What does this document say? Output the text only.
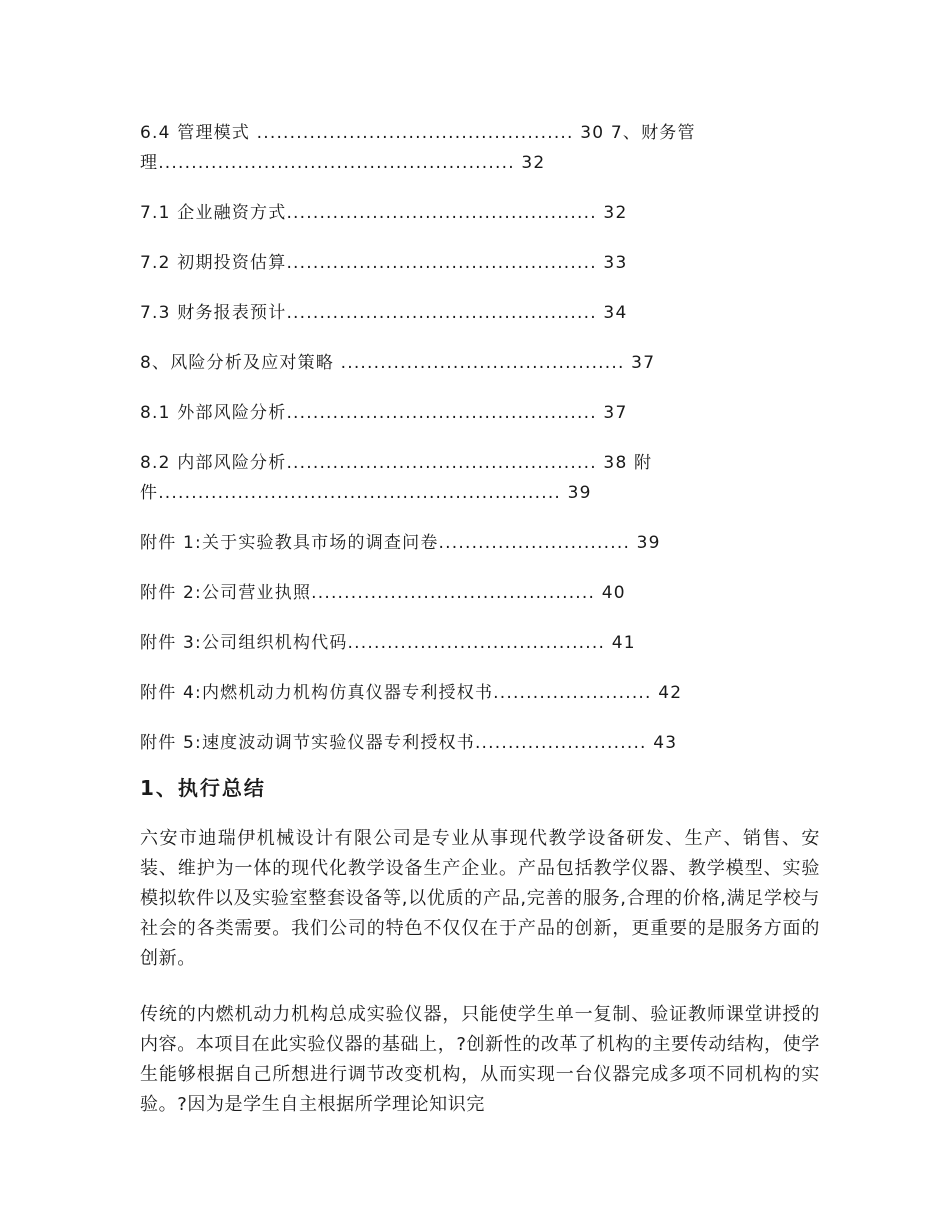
6.4 管理模式 ................................................ 30 7、财务管
理...................................................... 32
7.1 企业融资方式............................................... 32
7.2 初期投资估算............................................... 33
7.3 财务报表预计............................................... 34
8、风险分析及应对策略 ........................................... 37
8.1 外部风险分析............................................... 37
8.2 内部风险分析............................................... 38 附
件............................................................. 39
附件 1:关于实验教具市场的调查问卷............................. 39
附件 2:公司营业执照........................................... 40
附件 3:公司组织机构代码....................................... 41
附件 4:内燃机动力机构仿真仪器专利授权书........................ 42
附件 5:速度波动调节实验仪器专利授权书.......................... 43
1、执行总结

六安市迪瑞伊机械设计有限公司是专业从事现代教学设备研发、生产、销售、安装、维护为一体的现代化教学设备生产企业。产品包括教学仪器、教学模型、实验模拟软件以及实验室整套设备等,以优质的产品,完善的服务,合理的价格,满足学校与社会的各类需要。我们公司的特色不仅仅在于产品的创新，更重要的是服务方面的创新。

传统的内燃机动力机构总成实验仪器，只能使学生单一复制、验证教师课堂讲授的内容。本项目在此实验仪器的基础上，?创新性的改革了机构的主要传动结构，使学生能够根据自己所想进行调节改变机构，从而实现一台仪器完成多项不同机构的实验。?因为是学生自主根据所学理论知识完
